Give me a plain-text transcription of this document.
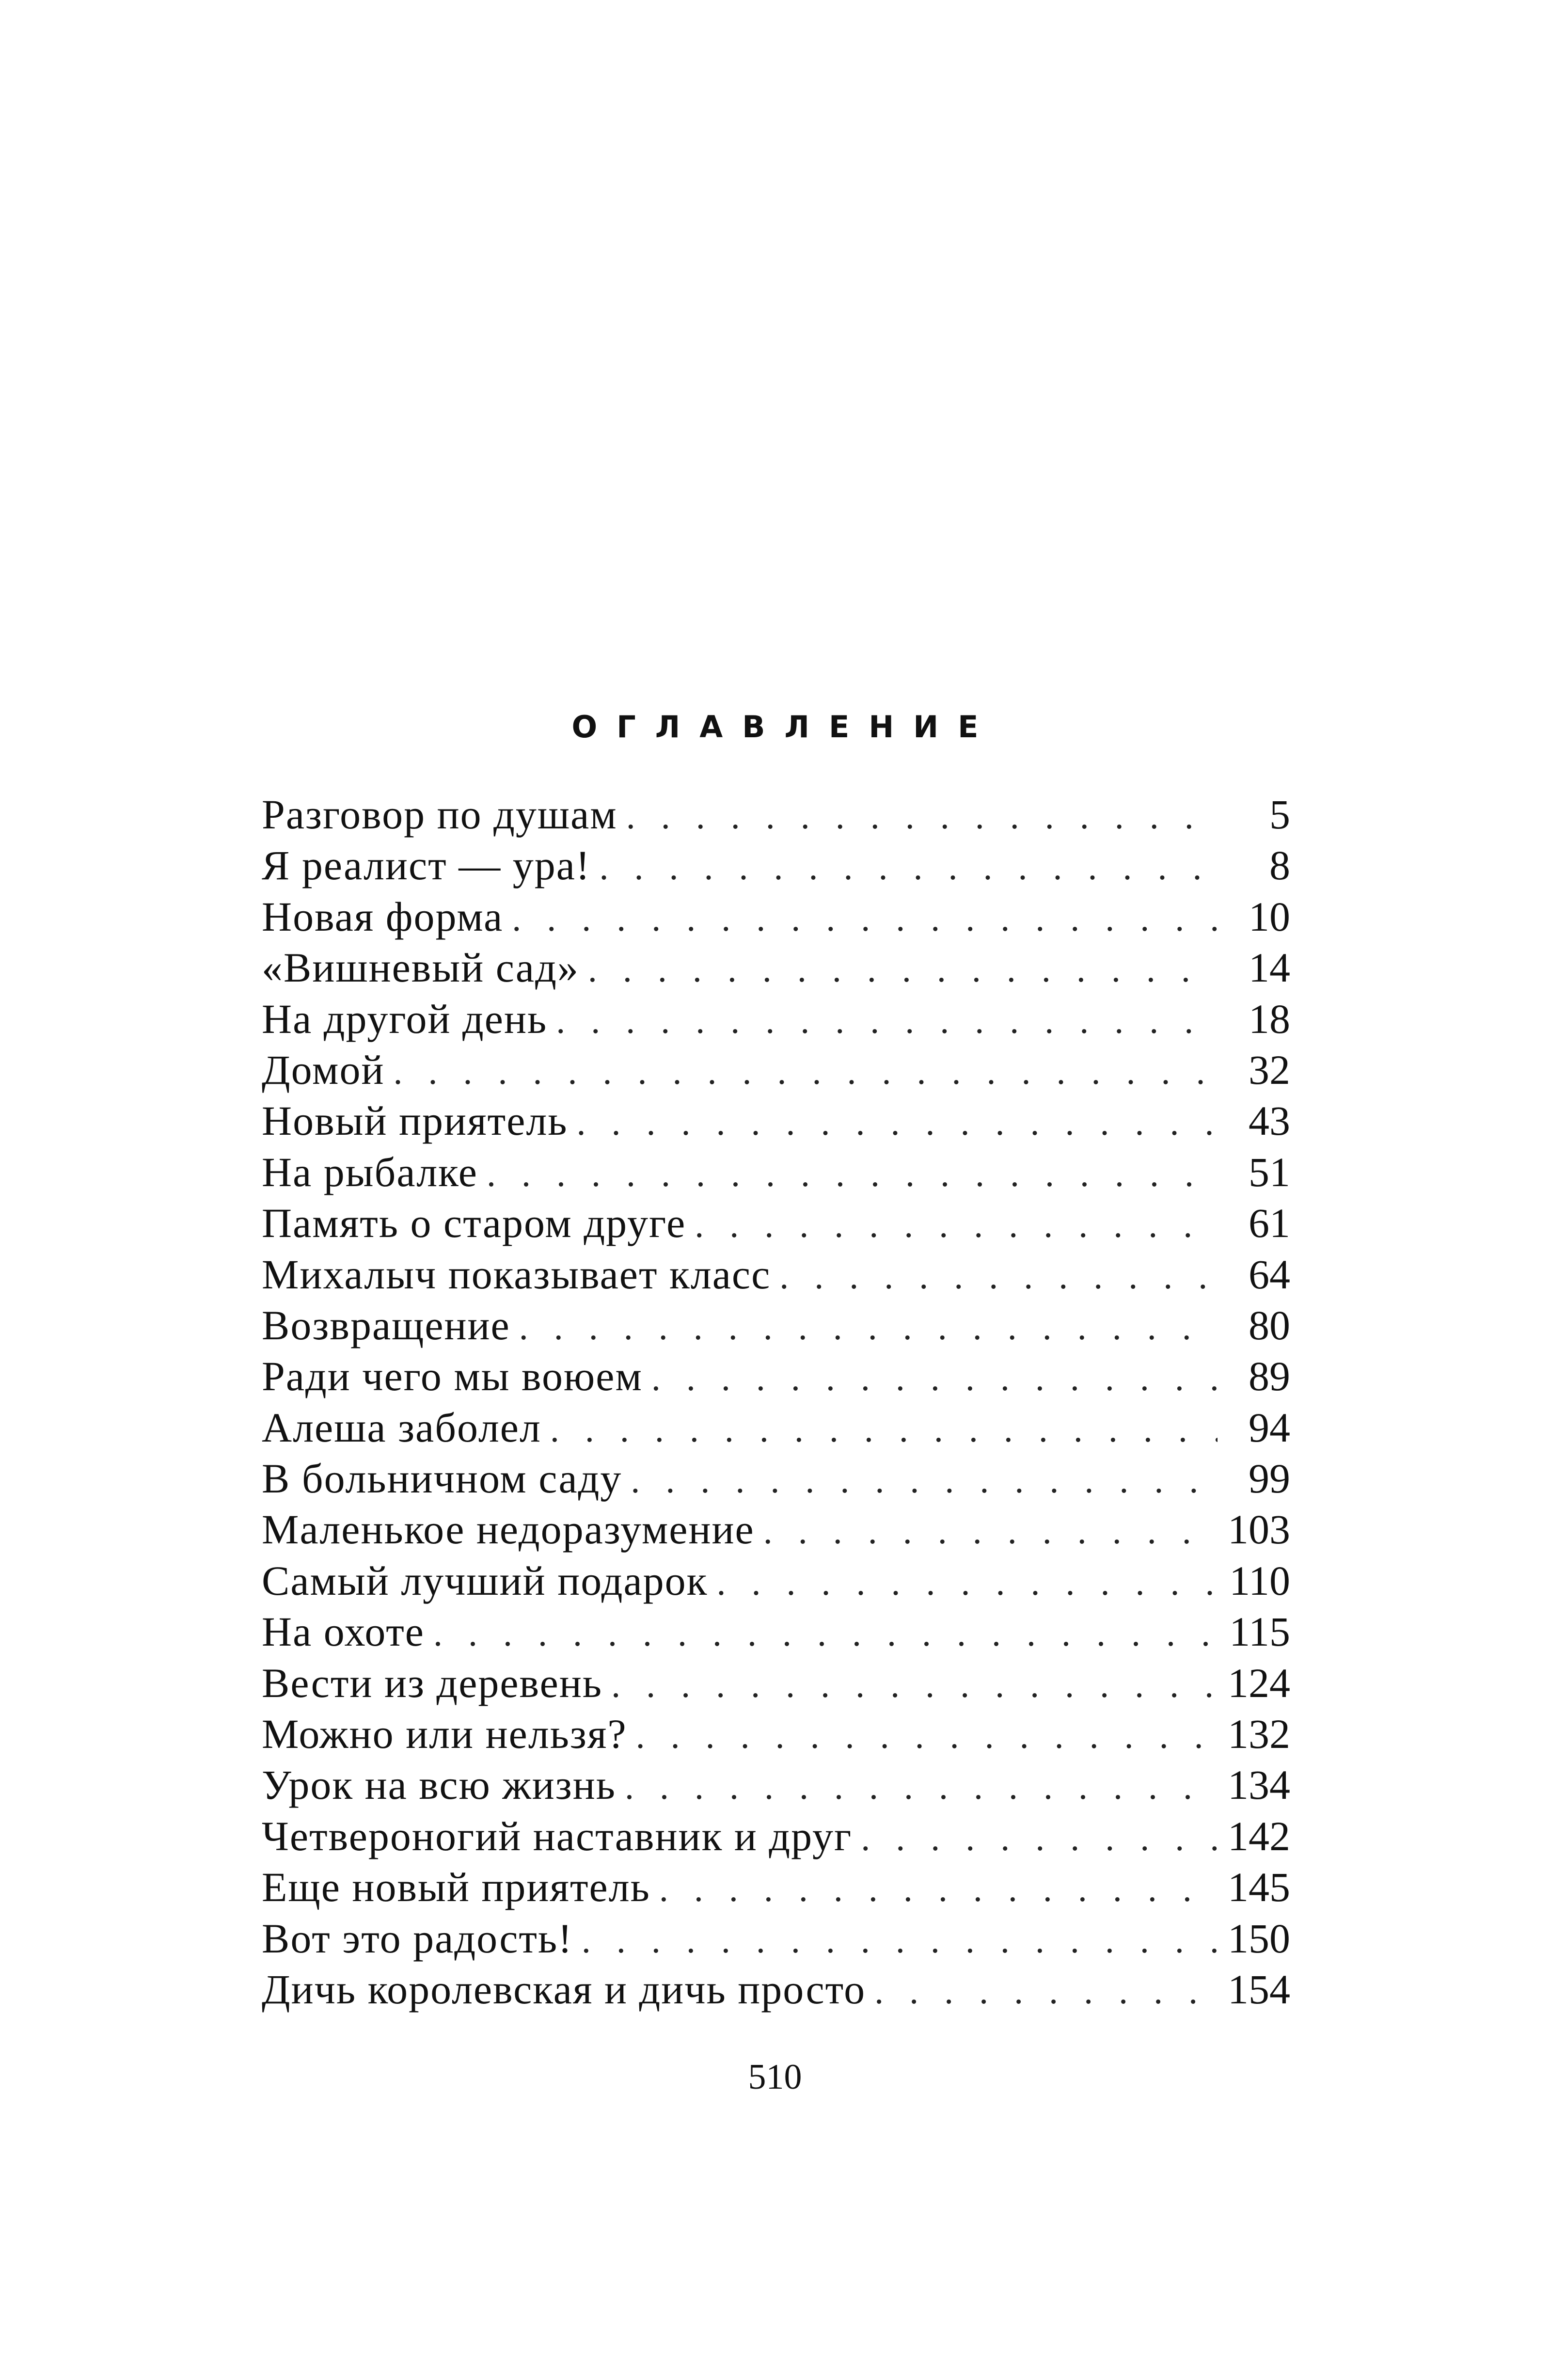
ОГЛАВЛЕНИЕ
Разговор по душам . . .	5
Я реалист — ура! . . .	8
Новая форма . . .	10
«Вишневый сад» . . .	14
На другой день . . .	18
Домой . . .	32
Новый приятель . . .	43
На рыбалке . . .	51
Память о старом друге . . .	61
Михалыч показывает класс . . .	64
Возвращение . . .	80
Ради чего мы воюем . . .	89
Алеша заболел . . .	94
В больничном саду . . .	99
Маленькое недоразумение . . .	103
Самый лучший подарок . . .	110
На охоте . . .	115
Вести из деревень . . .	124
Можно или нельзя? . . .	132
Урок на всю жизнь . . .	134
Четвероногий наставник и друг . . .	142
Еще новый приятель . . .	145
Вот это радость! . . .	150
Дичь королевская и дичь просто . . .	154
510
